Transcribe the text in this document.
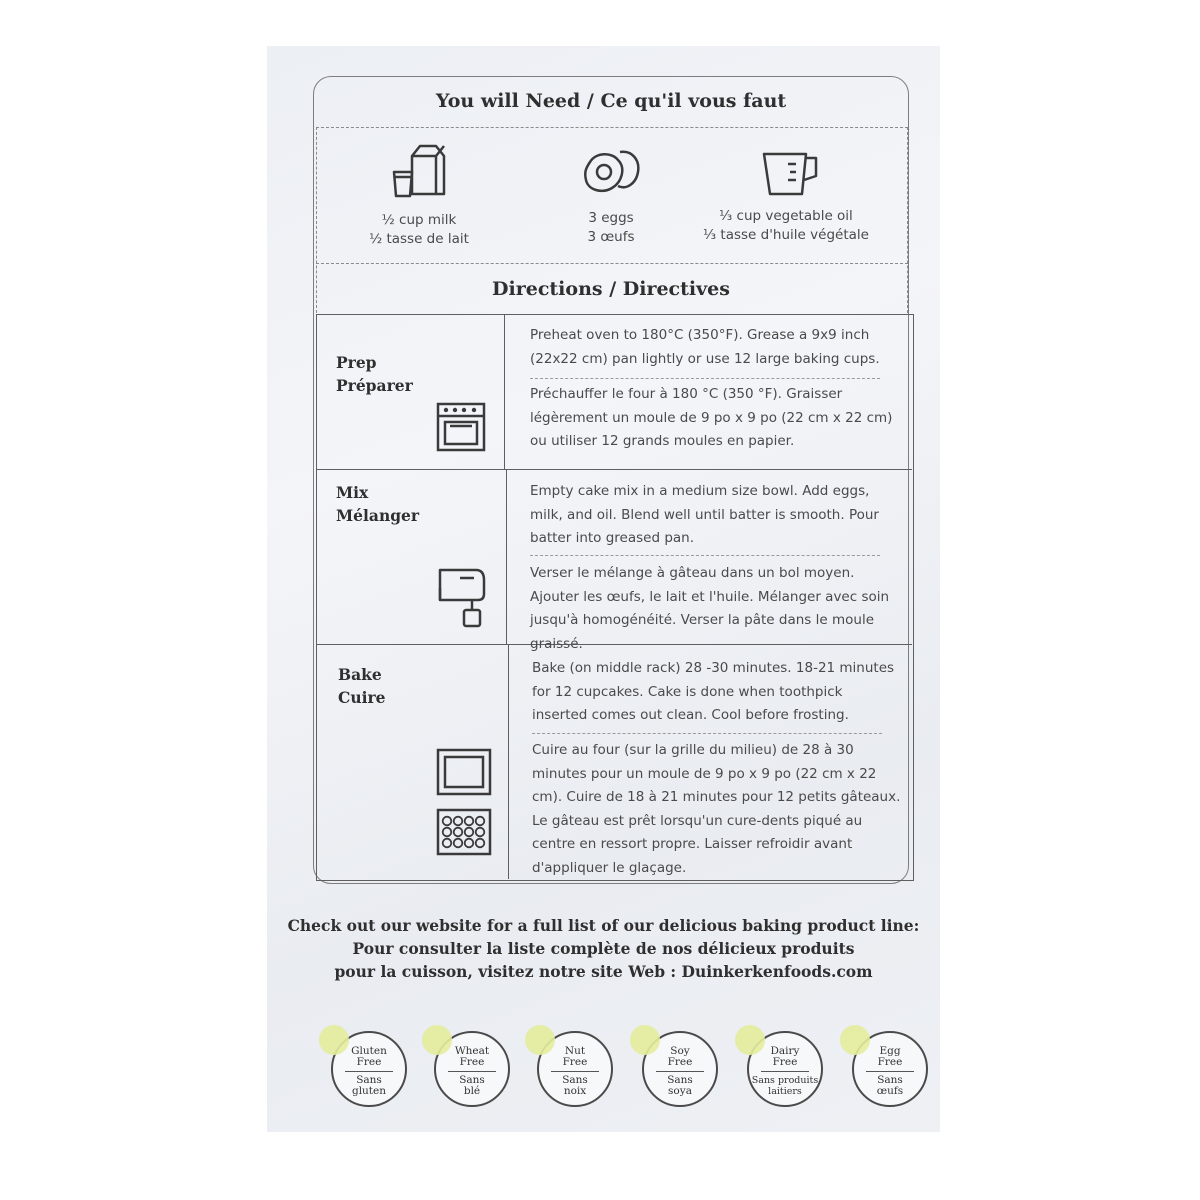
You will Need / Ce qu'il vous faut
½ cup milk
½ tasse de lait
3 eggs
3 œufs
⅓ cup vegetable oil
⅓ tasse d'huile végétale
Directions / Directives
Prep
Préparer
Preheat oven to 180°C (350°F). Grease a 9x9 inch (22x22 cm) pan lightly or use 12 large baking cups.
Préchauffer le four à 180 °C (350 °F). Graisser légèrement un moule de 9 po x 9 po (22 cm x 22 cm) ou utiliser 12 grands moules en papier.
Mix
Mélanger
Empty cake mix in a medium size bowl. Add eggs, milk, and oil. Blend well until batter is smooth. Pour batter into greased pan.
Verser le mélange à gâteau dans un bol moyen. Ajouter les œufs, le lait et l'huile. Mélanger avec soin jusqu'à homogénéité. Verser la pâte dans le moule graissé.
Bake
Cuire
Bake (on middle rack) 28 -30 minutes. 18-21 minutes for 12 cupcakes. Cake is done when toothpick inserted comes out clean. Cool before frosting.
Cuire au four (sur la grille du milieu) de 28 à 30 minutes pour un moule de 9 po x 9 po (22 cm x 22 cm). Cuire de 18 à 21 minutes pour 12 petits gâteaux. Le gâteau est prêt lorsqu'un cure-dents piqué au centre en ressort propre. Laisser refroidir avant d'appliquer le glaçage.
Check out our website for a full list of our delicious baking product line:
Pour consulter la liste complète de nos délicieux produits
pour la cuisson, visitez notre site Web : Duinkerkenfoods.com
Gluten
Free
Sans
gluten
Wheat
Free
Sans
blé
Nut
Free
Sans
noix
Soy
Free
Sans
soya
Dairy
Free
Sans produits
laitiers
Egg
Free
Sans
œufs
